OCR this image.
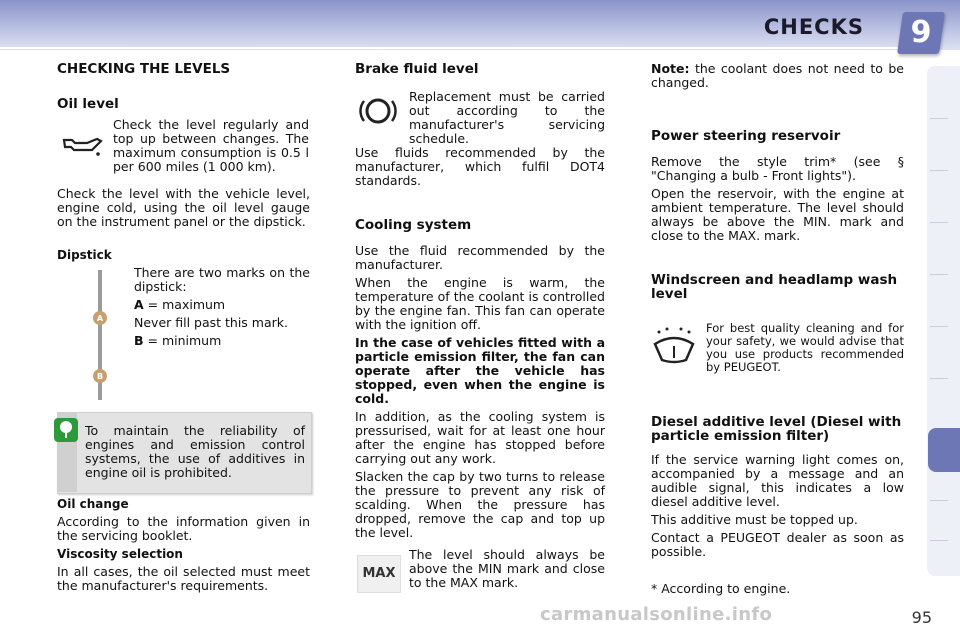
CHECKS	9
CHECKING THE LEVELS
Oil level

Check the level regularly and top up between changes. The maximum consumption is 0.5 l per 600 miles (1 000 km).

Check the level with the vehicle level, engine cold, using the oil level gauge on the instrument panel or the dipstick.

Dipstick
A
B

There are two marks on the dipstick:

A = maximum

Never fill past this mark.

B = minimum

To maintain the reliability of engines and emission control systems, the use of additives in engine oil is prohibited.

Oil change

According to the information given in the servicing booklet.

Viscosity selection

In all cases, the oil selected must meet the manufacturer's requirements.

Brake fluid level

Replacement must be carried out according to the manufacturer's servicing schedule.

Use fluids recommended by the manufacturer, which fulfil DOT4 standards.

Cooling system

Use the fluid recommended by the manufacturer.

When the engine is warm, the temperature of the coolant is controlled by the engine fan. This fan can operate with the ignition off.

In the case of vehicles fitted with a particle emission filter, the fan can operate after the vehicle has stopped, even when the engine is cold.

In addition, as the cooling system is pressurised, wait for at least one hour after the engine has stopped before carrying out any work.

Slacken the cap by two turns to release the pressure to prevent any risk of scalding. When the pressure has dropped, remove the cap and top up the level.

MAX

The level should always be above the MIN mark and close to the MAX mark.

Note: the coolant does not need to be changed.

Power steering reservoir

Remove the style trim* (see § "Changing a bulb - Front lights").

Open the reservoir, with the engine at ambient temperature. The level should always be above the MIN. mark and close to the MAX. mark.

Windscreen and headlamp wash level

For best quality cleaning and for your safety, we would advise that you use products recommended by PEUGEOT.

Diesel additive level (Diesel with particle emission filter)

If the service warning light comes on, accompanied by a message and an audible signal, this indicates a low diesel additive level.

This additive must be topped up.

Contact a PEUGEOT dealer as soon as possible.

* According to engine.

95
carmanualsonline.info
